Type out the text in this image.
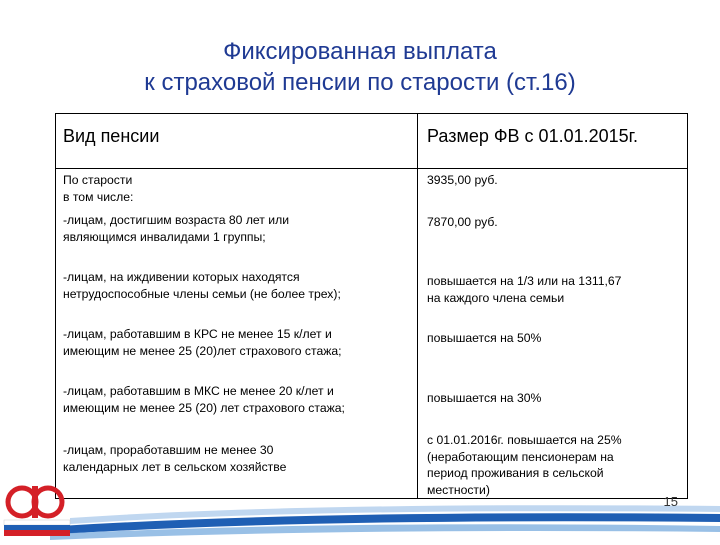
Фиксированная выплата
к страховой пенсии по старости (ст.16)
Вид пенсии	Размер ФВ с 01.01.2015г.
По старости
в том числе:
3935,00 руб.
-лицам, достигшим возраста 80 лет или
являющимся инвалидами 1 группы;
7870,00 руб.
-лицам, на иждивении которых находятся
нетрудоспособные члены семьи (не более трех);
повышается на 1/3 или на 1311,67
на каждого члена семьи
-лицам, работавшим в КРС не менее 15 к/лет и
имеющим не менее 25 (20)лет страхового стажа;
повышается на 50%
-лицам, работавшим в МКС не менее 20 к/лет и
имеющим не менее 25 (20) лет страхового стажа;
повышается на 30%
-лицам, проработавшим не менее 30
календарных лет в сельском хозяйстве
с 01.01.2016г. повышается на 25%
(неработающим пенсионерам на
период проживания в сельской
местности)
15
